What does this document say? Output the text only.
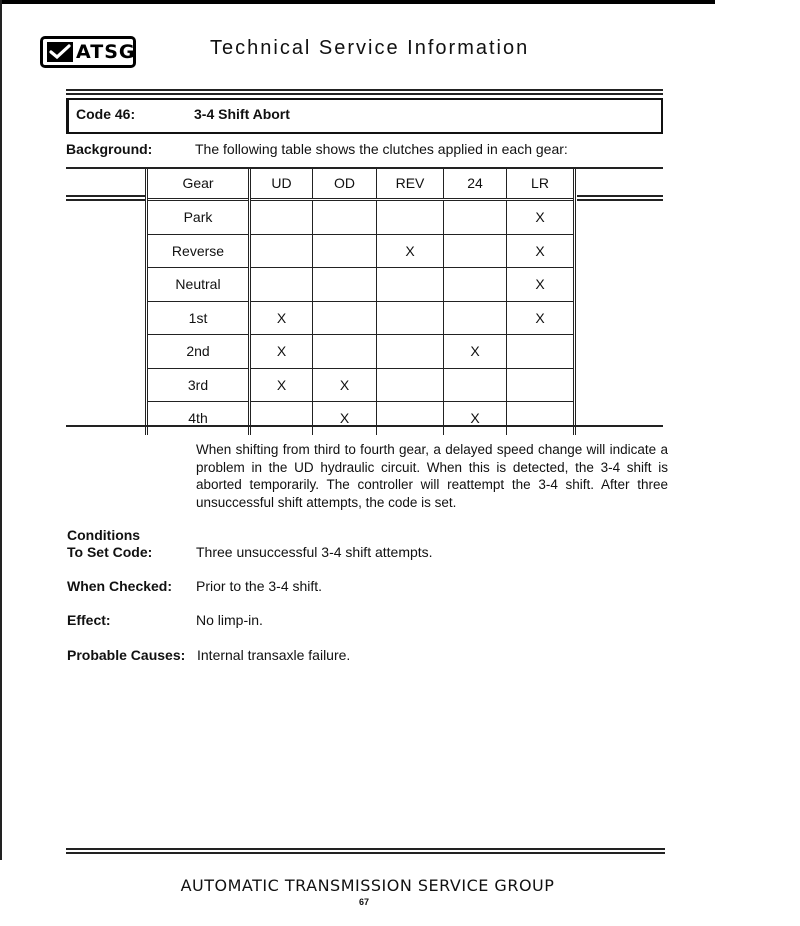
ATSG	Technical Service Information
Code 46:	3-4 Shift Abort
Background:	The following table shows the clutches applied in each gear:
Gear	UD	OD	REV	24	LR
Park					X
Reverse			X		X
Neutral					X
1st	X				X
2nd	X			X	
3rd	X	X			
4th		X		X	
When shifting from third to fourth gear, a delayed speed change will indicate a problem in the UD hydraulic circuit. When this is detected, the 3-4 shift is aborted temporarily. The controller will reattempt the 3-4 shift. After three unsuccessful shift attempts, the code is set.
Conditions
To Set Code:	Three unsuccessful 3-4 shift attempts.
When Checked: Prior to the 3-4 shift.
Effect:	No limp-in.
Probable Causes: Internal transaxle failure.
AUTOMATIC TRANSMISSION SERVICE GROUP
67
